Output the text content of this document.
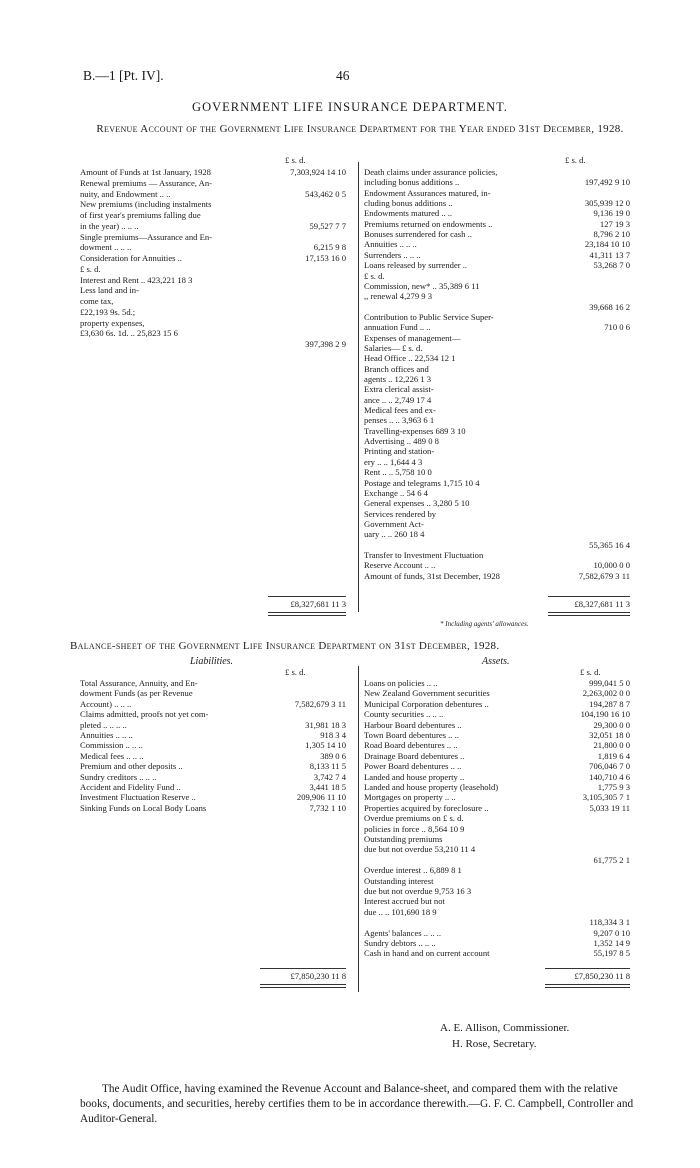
B.—1 [Pt. IV].	46
GOVERNMENT LIFE INSURANCE DEPARTMENT.
Revenue Account of the Government Life Insurance Department for the Year ended 31st December, 1928.
£ s. d.	£ s. d.
Amount of Funds at 1st January, 1928	7,303,924 14 10
Renewal premiums — Assurance, An-
nuity, and Endowment .. ..	543,462 0 5
New premiums (including instalments
of first year's premiums falling due
in the year) .. .. ..	59,527 7 7
Single premiums—Assurance and En-
dowment .. .. ..	6,215 9 8
Consideration for Annuities ..	17,153 16 0
£ s. d.
Interest and Rent .. 423,221 18 3
Less land and in-
come tax,
£22,193 9s. 5d.;
property expenses,
£3,630 6s. 1d. .. 25,823 15 6
397,398 2 9
Death claims under assurance policies,
including bonus additions ..	197,492 9 10
Endowment Assurances matured, in-
cluding bonus additions ..	305,939 12 0
Endowments matured .. ..	9,136 19 0
Premiums returned on endowments ..	127 19 3
Bonuses surrendered for cash ..	8,796 2 10
Annuities .. .. ..	23,184 10 10
Surrenders .. .. ..	41,311 13 7
Loans released by surrender ..	53,268 7 0
£ s. d.
Commission, new* .. 35,389 6 11
,, renewal 4,279 9 3
39,668 16 2
Contribution to Public Service Super-
annuation Fund .. ..	710 0 6
Expenses of management—
Salaries— £ s. d.
Head Office .. 22,534 12 1
Branch offices and
agents .. 12,226 1 3
Extra clerical assist-
ance .. .. 2,749 17 4
Medical fees and ex-
penses .. .. 3,963 6 1
Travelling-expenses 689 3 10
Advertising .. 489 0 8
Printing and station-
ery .. .. 1,644 4 3
Rent .. .. 5,758 10 0
Postage and telegrams 1,715 10 4
Exchange .. 54 6 4
General expenses .. 3,280 5 10
Services rendered by
Government Act-
uary .. .. 260 18 4
55,365 16 4
Transfer to Investment Fluctuation
Reserve Account .. ..	10,000 0 0
Amount of funds, 31st December, 1928	7,582,679 3 11
£8,327,681 11 3	£8,327,681 11 3
* Including agents' allowances.
Balance-sheet of the Government Life Insurance Department on 31st December, 1928.
Liabilities.	Assets.
£ s. d.	£ s. d.
Total Assurance, Annuity, and En-
dowment Funds (as per Revenue
Account) .. .. ..	7,582,679 3 11
Claims admitted, proofs not yet com-
pleted .. .. .. ..	31,981 18 3
Annuities .. .. ..	918 3 4
Commission .. .. ..	1,305 14 10
Medical fees .. .. ..	389 0 6
Premium and other deposits ..	8,133 11 5
Sundry creditors .. .. ..	3,742 7 4
Accident and Fidelity Fund ..	3,441 18 5
Investment Fluctuation Reserve ..	209,906 11 10
Sinking Funds on Local Body Loans	7,732 1 10
Loans on policies .. ..	999,041 5 0
New Zealand Government securities	2,263,002 0 0
Municipal Corporation debentures ..	194,287 8 7
County securities .. .. ..	104,190 16 10
Harbour Board debentures ..	29,300 0 0
Town Board debentures .. ..	32,051 18 0
Road Board debentures .. ..	21,800 0 0
Drainage Board debentures ..	1,819 6 4
Power Board debentures .. ..	706,046 7 0
Landed and house property ..	140,710 4 6
Landed and house property (leasehold)	1,775 9 3
Mortgages on property .. ..	3,105,305 7 1
Properties acquired by foreclosure ..	5,033 19 11
Overdue premiums on £ s. d.
policies in force .. 8,564 10 9
Outstanding premiums
due but not overdue 53,210 11 4
61,775 2 1
Overdue interest .. 6,889 8 1
Outstanding interest
due but not overdue 9,753 16 3
Interest accrued but not
due .. .. 101,690 18 9
118,334 3 1
Agents' balances .. .. ..	9,207 0 10
Sundry debtors .. .. ..	1,352 14 9
Cash in hand and on current account	55,197 8 5
£7,850,230 11 8	£7,850,230 11 8
A. E. Allison, Commissioner.
H. Rose, Secretary.
The Audit Office, having examined the Revenue Account and Balance-sheet, and compared them with the relative books, documents, and securities, hereby certifies them to be in accordance therewith.—G. F. C. Campbell, Controller and Auditor-General.
